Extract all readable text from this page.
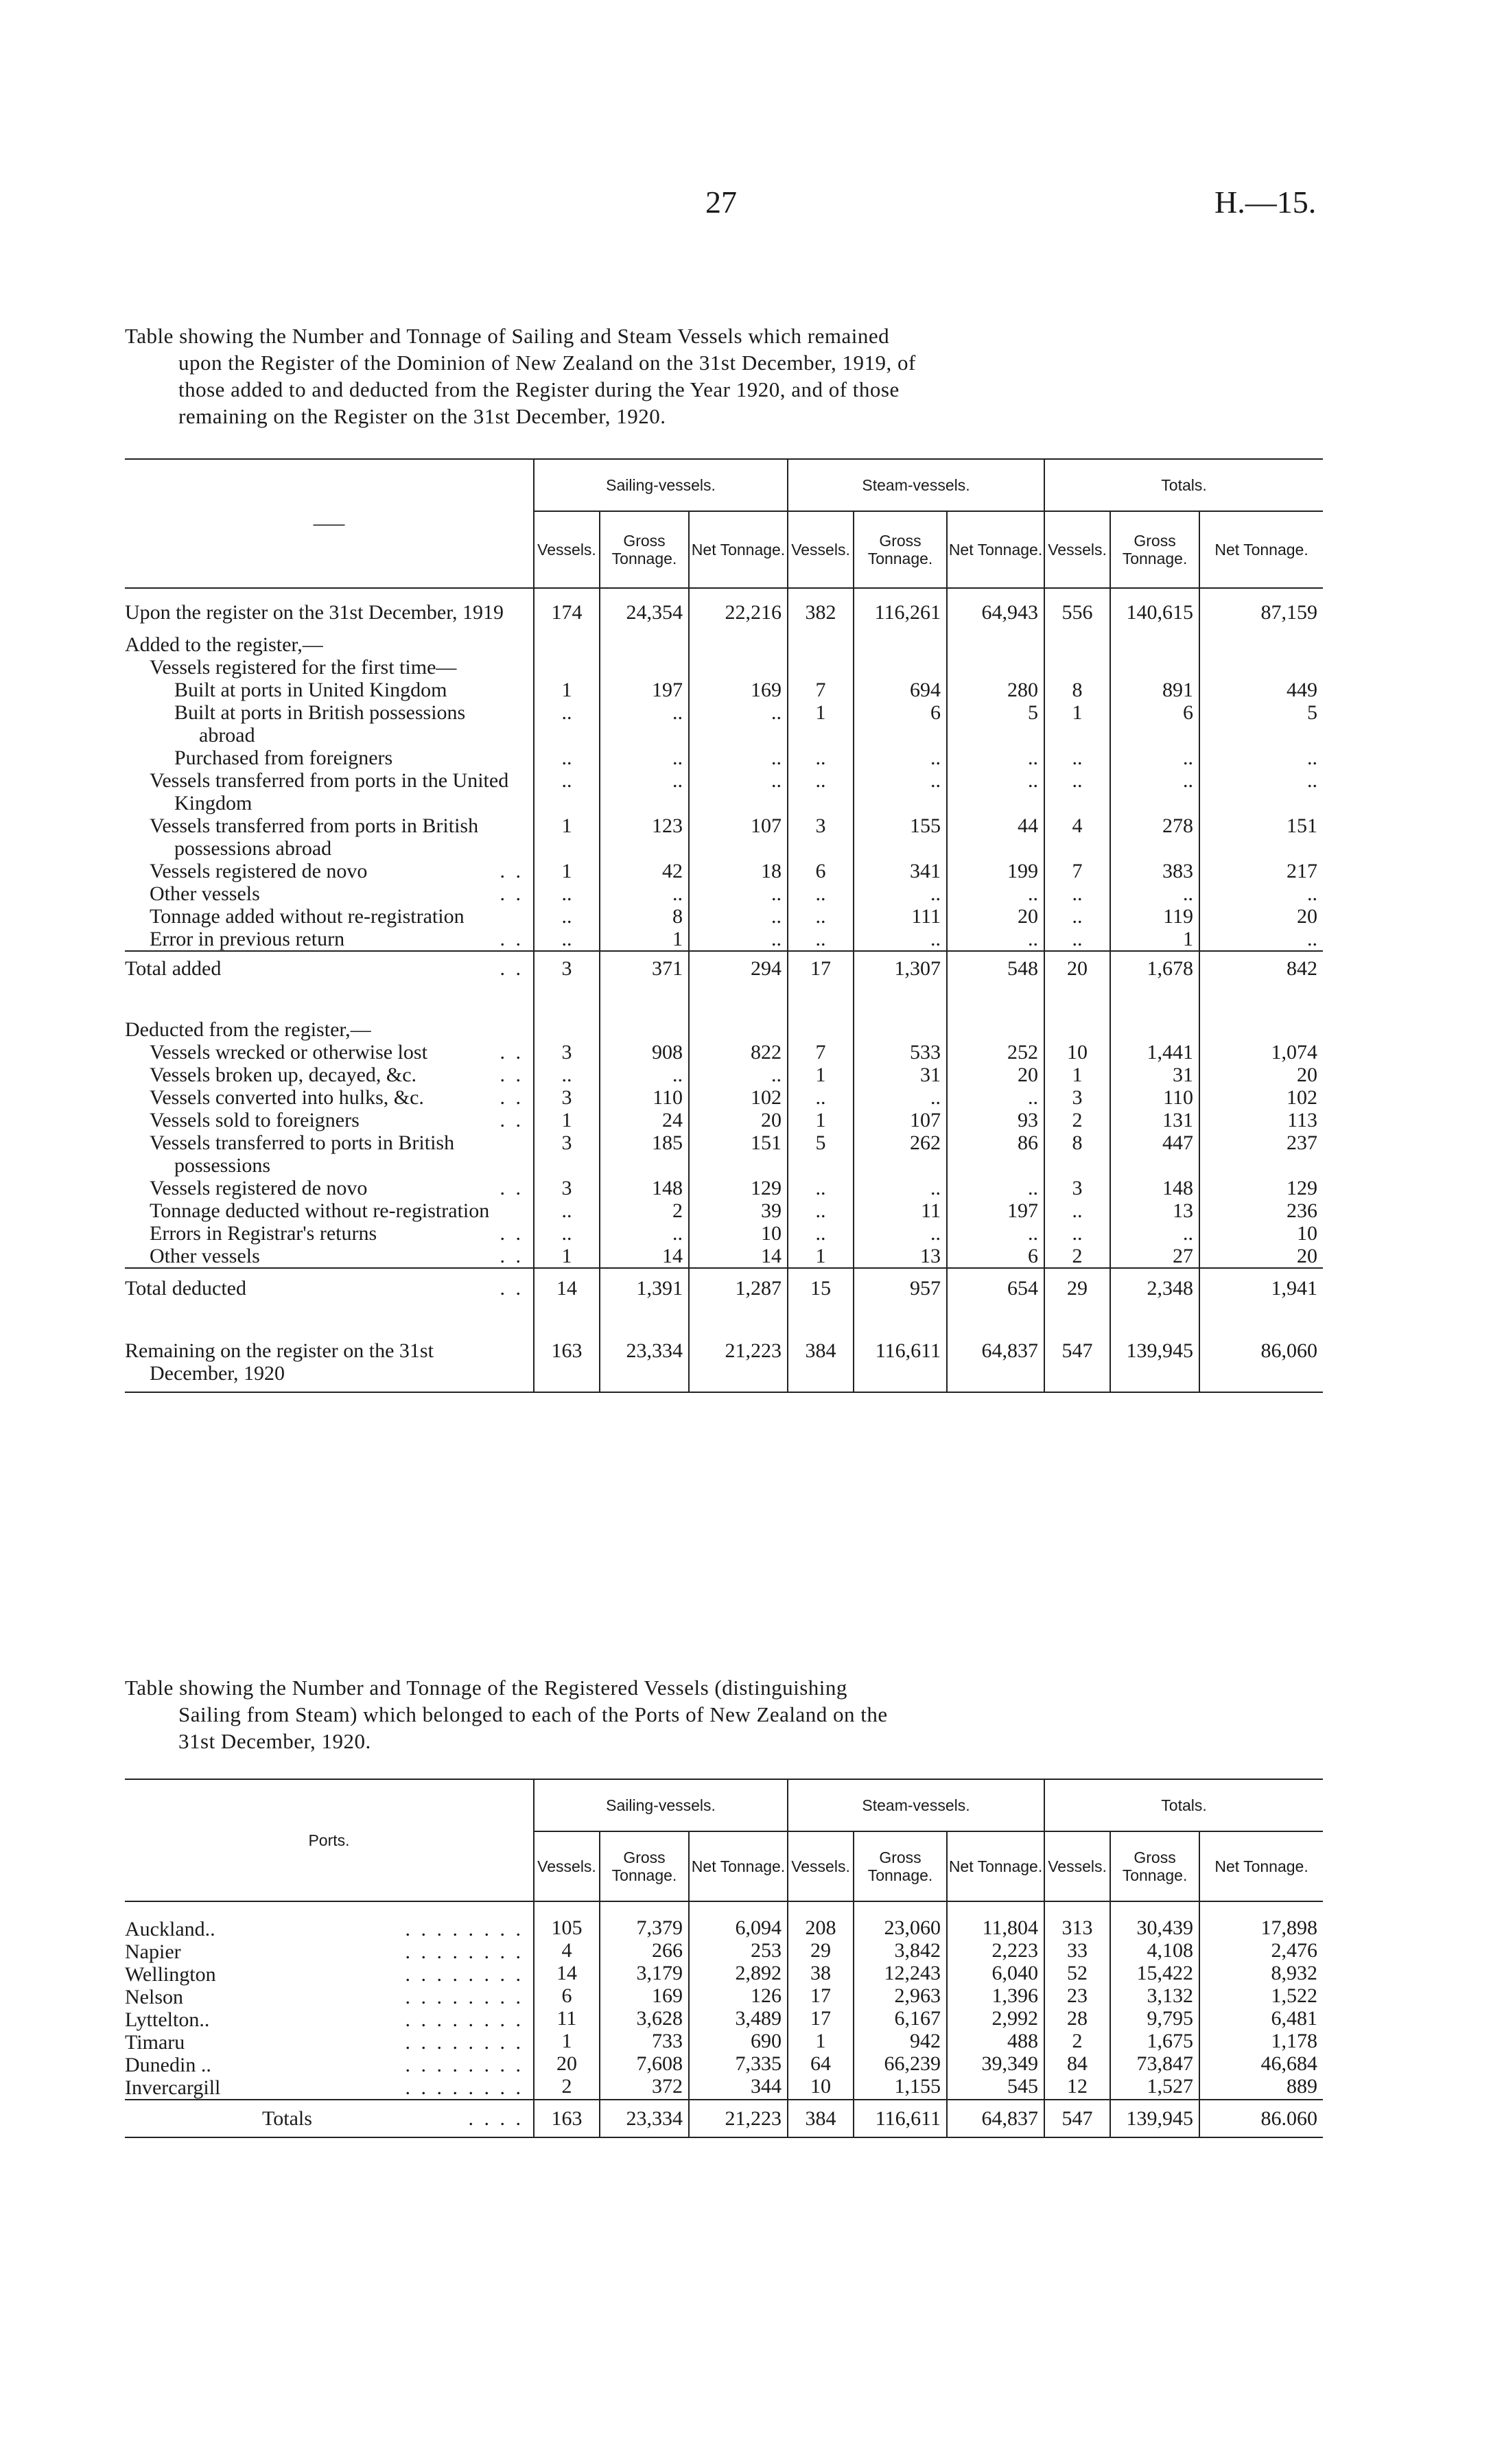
27	H.—15.
Table showing the Number and Tonnage of Sailing and Steam Vessels which remained
upon the Register of the Dominion of New Zealand on the 31st December, 1919, of
those added to and deducted from the Register during the Year 1920, and of those
remaining on the Register on the 31st December, 1920.
——	Sailing-vessels.			Steam-vessels.			Totals.		
	Vessels.	Gross Tonnage.	Net Tonnage.	Vessels.	Gross Tonnage.	Net Tonnage.	Vessels.	Gross Tonnage.	Net Tonnage.
Upon the register on the 31st December, 1919	174	24,354	22,216	382	116,261	64,943	556	140,615	87,159

Added to the register,—									
Vessels registered for the first time—									
Built at ports in United Kingdom	1	197	169	7	694	280	8	891	449
Built at ports in British possessions abroad	..	..	..	1	6	5	1	6	5
Purchased from foreigners	..	..	..	..	..	..	..	..	..
Vessels transferred from ports in the United Kingdom	..	..	..	..	..	..	..	..	..
Vessels transferred from ports in British possessions abroad	1	123	107	3	155	44	4	278	151

Vessels registered de novo . .	1	42	18	6	341	199	7	383	217

Other vessels . .	..	..	..	..	..	..	..	..	..
Tonnage added without re-registration	..	8	..	..	111	20	..	119	20

Error in previous return . .	..	1	..	..	..	..	..	1	..

Total added . .	3	371	294	17	1,307	548	20	1,678	842

Deducted from the register,—									

Vessels wrecked or otherwise lost . .	3	908	822	7	533	252	10	1,441	1,074

Vessels broken up, decayed, &c. . .	..	..	..	1	31	20	1	31	20

Vessels converted into hulks, &c. . .	3	110	102	..	..	..	3	110	102

Vessels sold to foreigners . .	1	24	20	1	107	93	2	131	113
Vessels transferred to ports in British possessions	3	185	151	5	262	86	8	447	237

Vessels registered de novo . .	3	148	129	..	..	..	3	148	129
Tonnage deducted without re-registration	..	2	39	..	11	197	..	13	236

Errors in Registrar's returns . .	..	..	10	..	..	..	..	..	10

Other vessels . .	1	14	14	1	13	6	2	27	20

Total deducted . .	14	1,391	1,287	15	957	654	29	2,348	1,941

Remaining on the register on the 31st December, 1920	163	23,334	21,223	384	116,611	64,837	547	139,945	86,060
Table showing the Number and Tonnage of the Registered Vessels (distinguishing
Sailing from Steam) which belonged to each of the Ports of New Zealand on the
31st December, 1920.
Ports.	Sailing-vessels.			Steam-vessels.			Totals.		
	Vessels.	Gross Tonnage.	Net Tonnage.	Vessels.	Gross Tonnage.	Net Tonnage.	Vessels.	Gross Tonnage.	Net Tonnage.

Auckland.. . . . . . . . .	105	7,379	6,094	208	23,060	11,804	313	30,439	17,898

Napier . . . . . . . .	4	266	253	29	3,842	2,223	33	4,108	2,476

Wellington . . . . . . . .	14	3,179	2,892	38	12,243	6,040	52	15,422	8,932

Nelson . . . . . . . .	6	169	126	17	2,963	1,396	23	3,132	1,522

Lyttelton.. . . . . . . . .	11	3,628	3,489	17	6,167	2,992	28	9,795	6,481

Timaru . . . . . . . .	1	733	690	1	942	488	2	1,675	1,178

Dunedin .. . . . . . . . .	20	7,608	7,335	64	66,239	39,349	84	73,847	46,684

Invercargill . . . . . . . .	2	372	344	10	1,155	545	12	1,527	889

Totals . . . .	163	23,334	21,223	384	116,611	64,837	547	139,945	86.060
